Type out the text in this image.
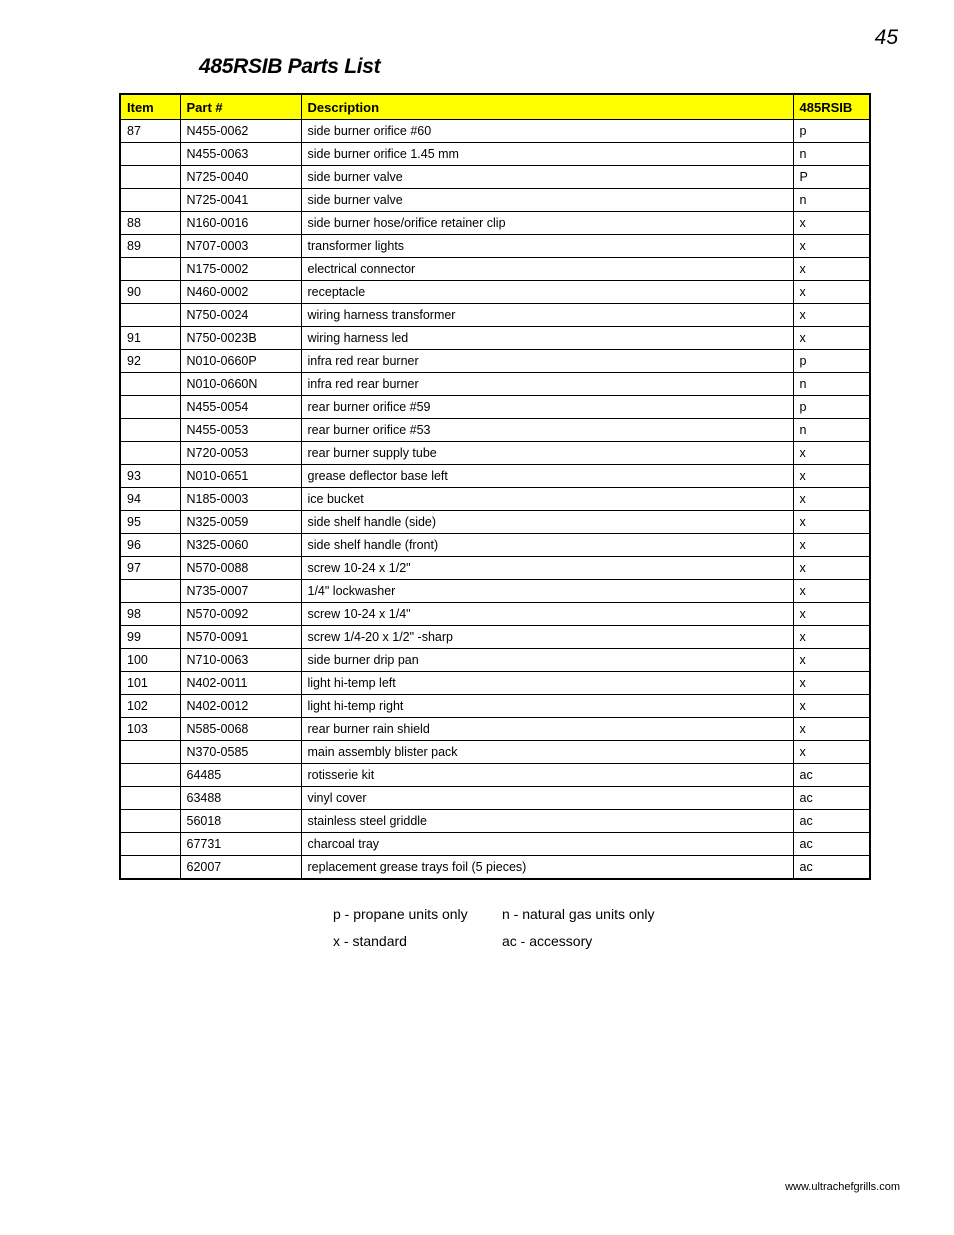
45
485RSIB Parts List
Item	Part #	Description	485RSIB
87	N455-0062	side burner orifice #60	p
	N455-0063	side burner orifice 1.45 mm	n
	N725-0040	side burner valve	P
	N725-0041	side burner valve	n
88	N160-0016	side burner hose/orifice retainer clip	x
89	N707-0003	transformer lights	x
	N175-0002	electrical connector	x
90	N460-0002	receptacle	x
	N750-0024	wiring harness transformer	x
91	N750-0023B	wiring harness led	x
92	N010-0660P	infra red rear burner	p
	N010-0660N	infra red rear burner	n
	N455-0054	rear burner orifice #59	p
	N455-0053	rear burner orifice #53	n
	N720-0053	rear burner supply tube	x
93	N010-0651	grease deflector base left	x
94	N185-0003	ice bucket	x
95	N325-0059	side shelf handle (side)	x
96	N325-0060	side shelf handle (front)	x
97	N570-0088	screw 10-24 x 1/2"	x
	N735-0007	1/4" lockwasher	x
98	N570-0092	screw 10-24 x 1/4"	x
99	N570-0091	screw 1/4-20 x 1/2" -sharp	x
100	N710-0063	side burner drip pan	x
101	N402-0011	light hi-temp left	x
102	N402-0012	light hi-temp right	x
103	N585-0068	rear burner rain shield	x
	N370-0585	main assembly blister pack	x
	64485	rotisserie kit	ac
	63488	vinyl cover	ac
	56018	stainless steel griddle	ac
	67731	charcoal tray	ac
	62007	replacement grease trays foil (5 pieces)	ac
p - propane units only n - natural gas units only
x - standard	ac - accessory
www.ultrachefgrills.com
